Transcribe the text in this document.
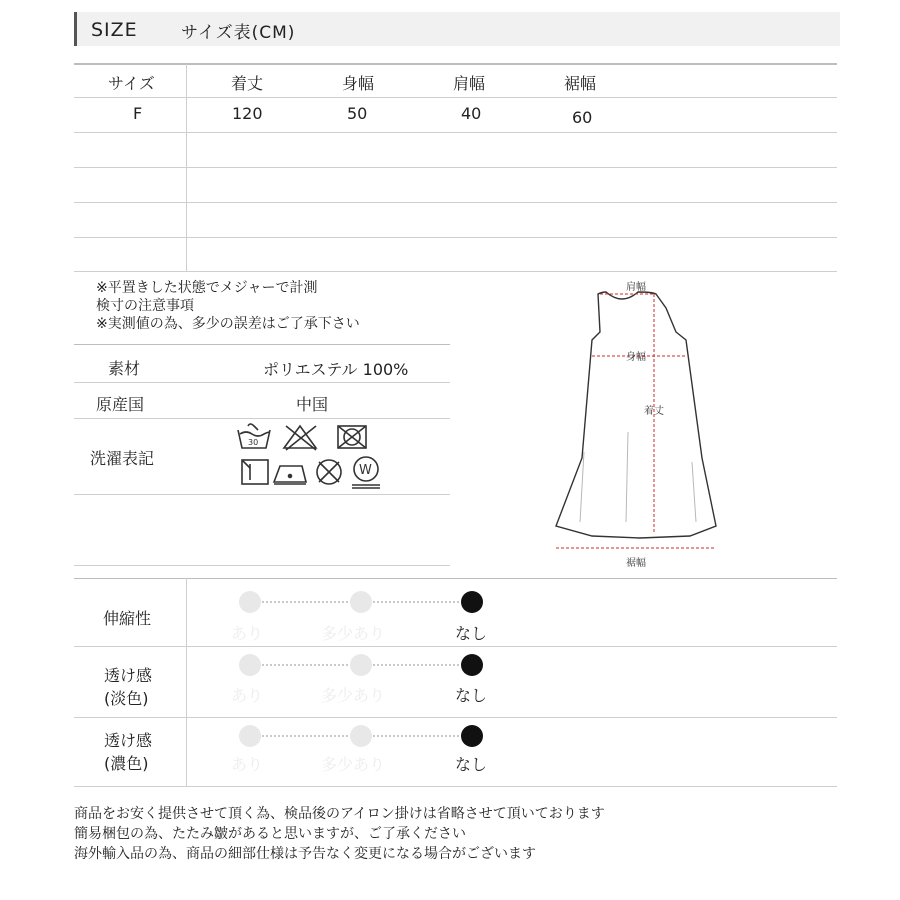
SIZE	サイズ表(CM)
サイズ	着丈	身幅	肩幅	裾幅
F	120	50	40	60
※平置きした状態でメジャーで計測
検寸の注意事項
※実測値の為、多少の誤差はご了承下さい
素材	ポリエステル 100%
原産国	中国
洗濯表記
30
W
肩幅
身幅
着丈
裾幅
伸縮性
あり	多少あり	なし
透け感
(淡色)	あり	多少あり	なし
透け感
(濃色)	あり	多少あり	なし
商品をお安く提供させて頂く為、検品後のアイロン掛けは省略させて頂いております
簡易梱包の為、たたみ皺があると思いますが、ご了承ください
海外輸入品の為、商品の細部仕様は予告なく変更になる場合がございます
